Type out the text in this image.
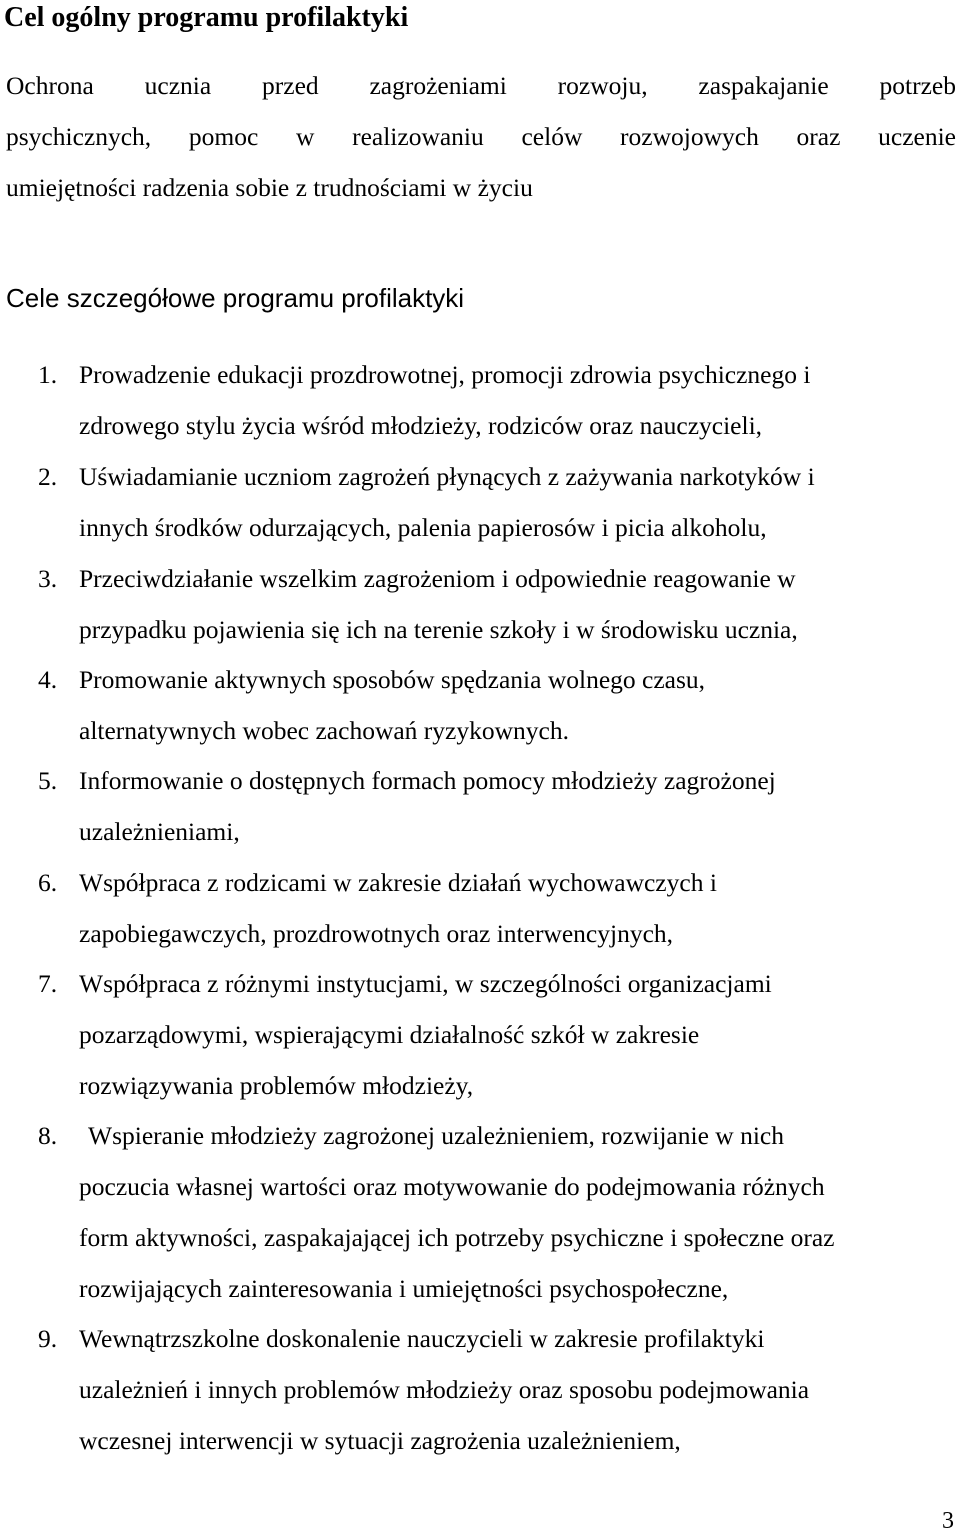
Cel ogólny programu profilaktyki

Ochrona ucznia przed zagrożeniami rozwoju, zaspakajanie potrzeb
psychicznych, pomoc w realizowaniu celów rozwojowych oraz uczenie
umiejętności radzenia sobie z trudnościami w życiu

Cele szczegółowe programu profilaktyki
1. Prowadzenie edukacji prozdrowotnej, promocji zdrowia psychicznego i
zdrowego stylu życia wśród młodzieży, rodziców oraz nauczycieli,
2. Uświadamianie uczniom zagrożeń płynących z zażywania narkotyków i
innych środków odurzających, palenia papierosów i picia alkoholu,
3. Przeciwdziałanie wszelkim zagrożeniom i odpowiednie reagowanie w
przypadku pojawienia się ich na terenie szkoły i w środowisku ucznia,
4. Promowanie aktywnych sposobów spędzania wolnego czasu,
alternatywnych wobec zachowań ryzykownych.
5. Informowanie o dostępnych formach pomocy młodzieży zagrożonej
uzależnieniami,
6. Współpraca z rodzicami w zakresie działań wychowawczych i
zapobiegawczych, prozdrowotnych oraz interwencyjnych,
7. Współpraca z różnymi instytucjami, w szczególności organizacjami
pozarządowymi, wspierającymi działalność szkół w zakresie
rozwiązywania problemów młodzieży,
8. Wspieranie młodzieży zagrożonej uzależnieniem, rozwijanie w nich
poczucia własnej wartości oraz motywowanie do podejmowania różnych
form aktywności, zaspakajającej ich potrzeby psychiczne i społeczne oraz
rozwijających zainteresowania i umiejętności psychospołeczne,
9. Wewnątrzszkolne doskonalenie nauczycieli w zakresie profilaktyki
uzależnień i innych problemów młodzieży oraz sposobu podejmowania
wczesnej interwencji w sytuacji zagrożenia uzależnieniem,
3
